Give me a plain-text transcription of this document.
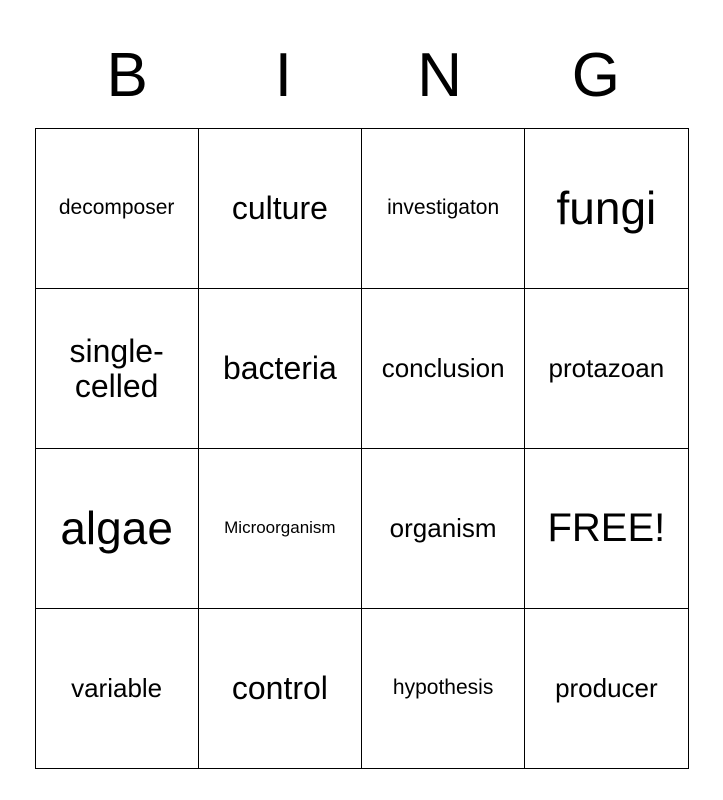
B	I	N	G
decomposer	culture	investigaton	fungi
single-celled	bacteria	conclusion	protazoan
algae	Microorganism	organism	FREE!
variable	control	hypothesis	producer
